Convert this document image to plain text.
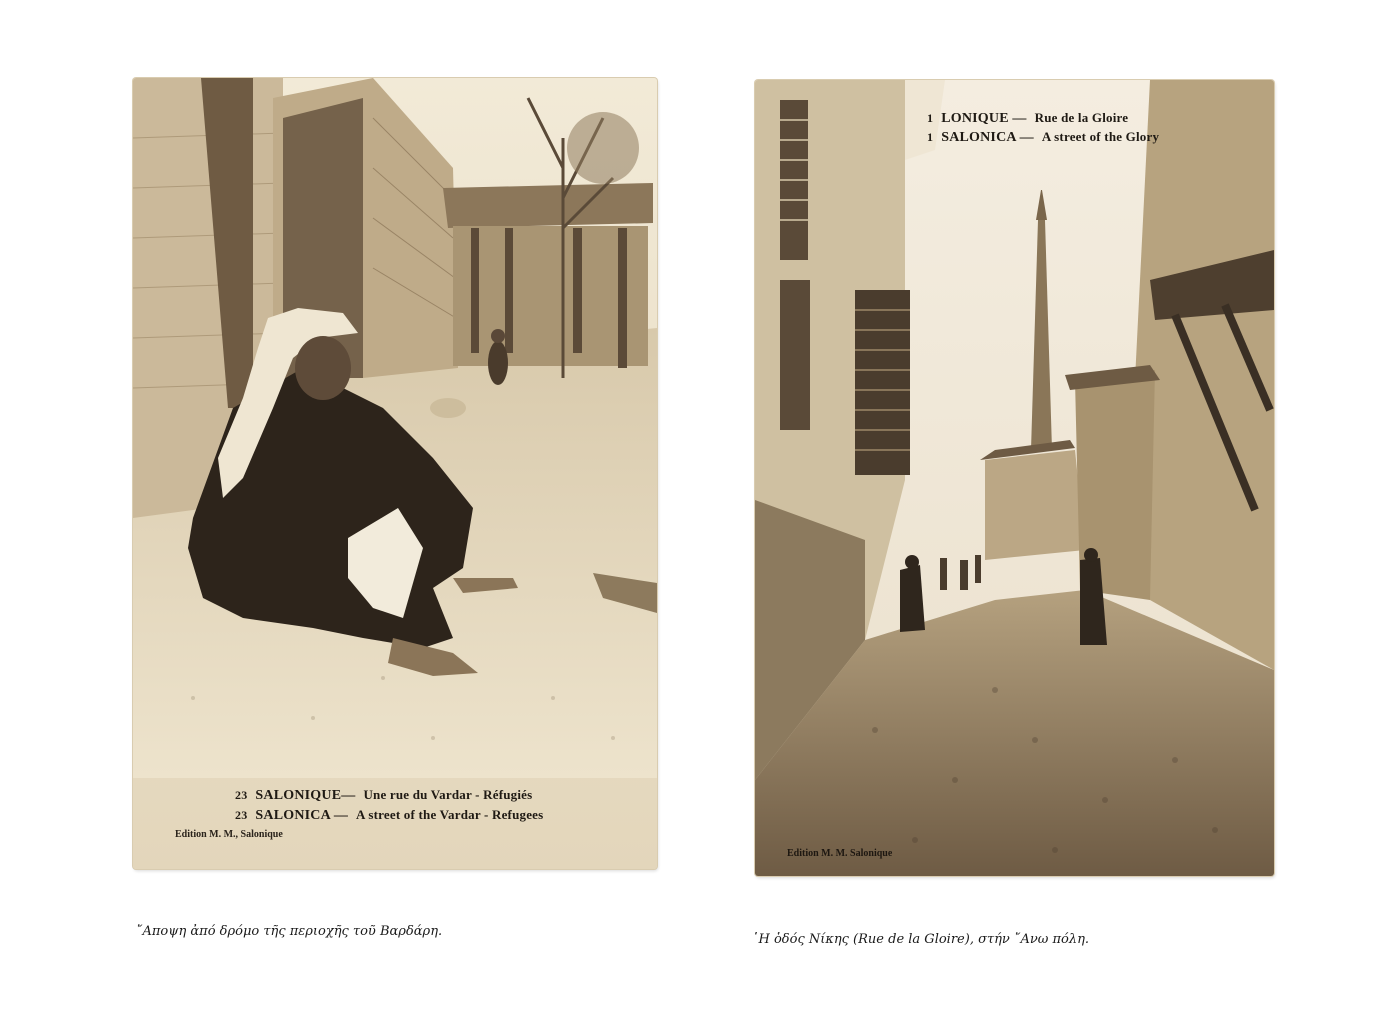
23 SALONIQUE— Une rue du Vardar - Réfugiés
23 SALONICA — A street of the Vardar - Refugees
Edition M. M., Salonique
1 LONIQUE — Rue de la Gloire
1 SALONICA — A street of the Glory
Edition M. M. Salonique
῎Αποψη ἀπό δρόμο τῆς περιοχῆς τοῦ Βαρδάρη.
῾Η ὁδός Νίκης (Rue de la Gloire), στήν ῎Ανω πόλη.
